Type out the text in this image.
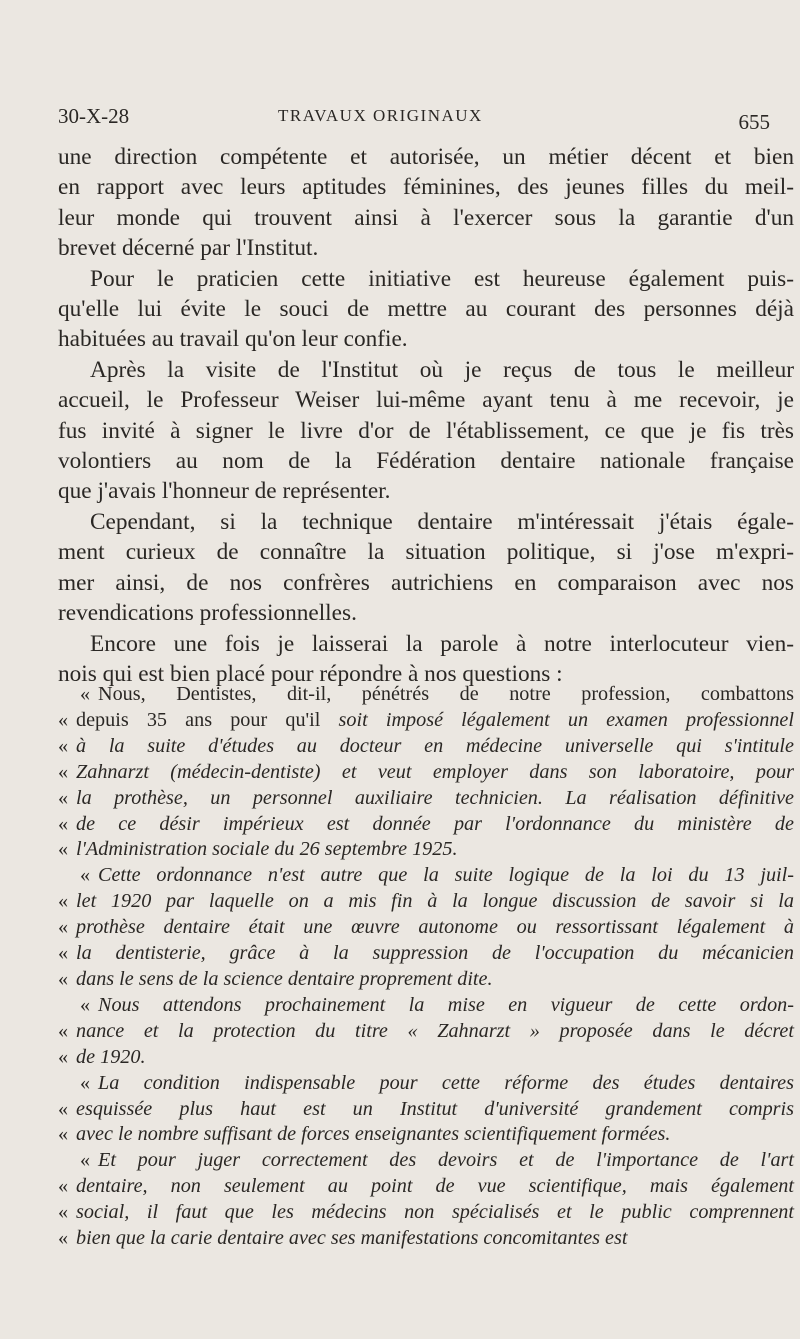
30-X-28	TRAVAUX ORIGINAUX	655

une direction compétente et autorisée, un métier décent et bien
en rapport avec leurs aptitudes féminines, des jeunes filles du meil-
leur monde qui trouvent ainsi à l'exercer sous la garantie d'un
brevet décerné par l'Institut.

Pour le praticien cette initiative est heureuse également puis-
qu'elle lui évite le souci de mettre au courant des personnes déjà
habituées au travail qu'on leur confie.

Après la visite de l'Institut où je reçus de tous le meilleur
accueil, le Professeur Weiser lui-même ayant tenu à me recevoir, je
fus invité à signer le livre d'or de l'établissement, ce que je fis très
volontiers au nom de la Fédération dentaire nationale française
que j'avais l'honneur de représenter.

Cependant, si la technique dentaire m'intéressait j'étais égale-
ment curieux de connaître la situation politique, si j'ose m'expri-
mer ainsi, de nos confrères autrichiens en comparaison avec nos
revendications professionnelles.

Encore une fois je laisserai la parole à notre interlocuteur vien-
nois qui est bien placé pour répondre à nos questions :

« Nous, Dentistes, dit-il, pénétrés de notre profession, combattons
« depuis 35 ans pour qu'il soit imposé légalement un examen professionnel
« à la suite d'études au docteur en médecine universelle qui s'intitule
« Zahnarzt (médecin-dentiste) et veut employer dans son laboratoire, pour
« la prothèse, un personnel auxiliaire technicien. La réalisation définitive
« de ce désir impérieux est donnée par l'ordonnance du ministère de
« l'Administration sociale du 26 septembre 1925.

« Cette ordonnance n'est autre que la suite logique de la loi du 13 juil-
« let 1920 par laquelle on a mis fin à la longue discussion de savoir si la
« prothèse dentaire était une œuvre autonome ou ressortissant légalement à
« la dentisterie, grâce à la suppression de l'occupation du mécanicien
« dans le sens de la science dentaire proprement dite.

« Nous attendons prochainement la mise en vigueur de cette ordon-
« nance et la protection du titre « Zahnarzt » proposée dans le décret
« de 1920.

« La condition indispensable pour cette réforme des études dentaires
« esquissée plus haut est un Institut d'université grandement compris
« avec le nombre suffisant de forces enseignantes scientifiquement formées.

« Et pour juger correctement des devoirs et de l'importance de l'art
« dentaire, non seulement au point de vue scientifique, mais également
« social, il faut que les médecins non spécialisés et le public comprennent
« bien que la carie dentaire avec ses manifestations concomitantes est
